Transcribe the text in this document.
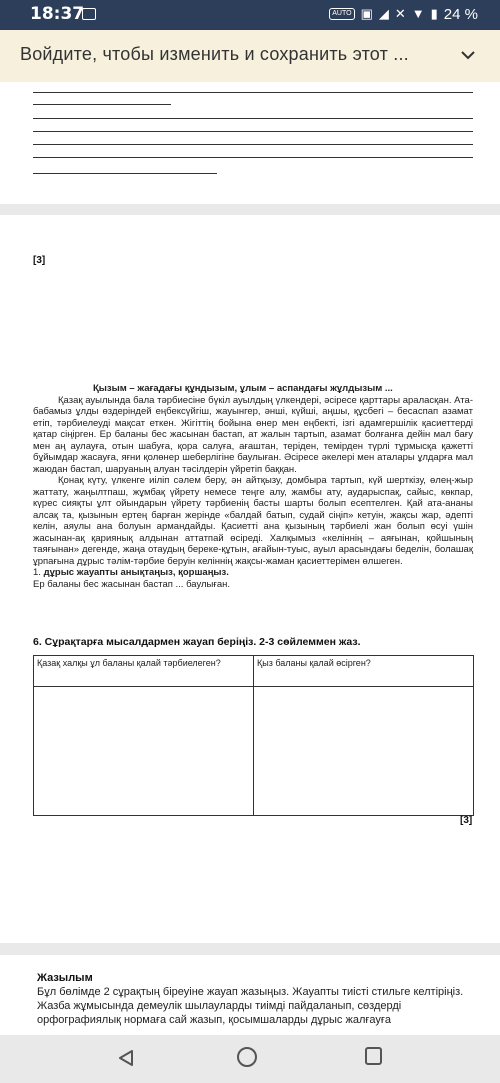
18:37	AUTO ▣ ◢ ✕ ▼ ▮ 24 %
Войдите, чтобы изменить и сохранить этот ...
[3]

Қызым – жағадағы құндызым, ұлым – аспандағы жұлдызым ...

Қазақ ауылында бала тәрбиесіне бүкіл ауылдың үлкендері, әсіресе қарттары араласқан. Ата-бабамыз ұлды өздеріндей еңбексүйгіш, жауынгер, әнші, күйші, аңшы, құсбегі – бесаспап азамат етіп, тәрбиелеуді мақсат еткен. Жігіттің бойына өнер мен еңбекті, ізгі адамгершілік қасиеттерді қатар сіңірген. Ер баланы бес жасынан бастап, ат жалын тартып, азамат болғанға дейін мал бағу мен аң аулауға, отын шабуға, қора салуға, ағаштан, теріден, темірден түрлі тұрмысқа қажетті бұйымдар жасауға, яғни қолөнер шеберлігіне баулыған. Әсіресе әкелері мен аталары ұлдарға мал жаюдан бастап, шаруаның алуан тәсілдерін үйретіп баққан.

Қонақ күту, үлкенге иіліп сәлем беру, ән айтқызу, домбыра тартып, күй шерткізу, өлең-жыр жаттату, жаңылтпаш, жұмбақ үйрету немесе теңге алу, жамбы ату, аударыспақ, сайыс, көкпар, күрес сияқты ұлт ойындарын үйрету тәрбиенің басты шарты болып есептелген. Қай ата-ананы алсақ та, қызынын ертең барған жерінде «балдай батып, судай сіңіп» кетуін, жақсы жар, әдепті келін, аяулы ана болуын армандайды. Қасиетті ана қызының тәрбиелі жан болып өсуі үшін жасынан-ақ қариянық алдынан аттатпай өсіреді. Халқымыз «келіннің – аяғынан, қойшының таяғынан» дегенде, жаңа отаудың береке-құтын, ағайын-туыс, ауыл арасындағы беделін, болашақ ұрпағына дұрыс тәлім-тәрбие беруін келіннің жақсы-жаман қасиеттерімен өлшеген.

1. дұрыс жауапты анықтаңыз, қоршаңыз.

Ер баланы бес жасынан бастап ... баулыған.

6. Сұрақтарға мысалдармен жауап беріңіз. 2-3 сөйлеммен жаз.
Қазақ халқы ұл баланы қалай тәрбиелеген?	Қыз баланы қалай өсірген?

[3]
Жазылым
Бұл бөлімде 2 сұрақтың біреуіне жауап жазыңыз. Жауапты тиісті стильге келтіріңіз. Жазба жұмысында демеулік шылауларды тиімді пайдаланып, сөздерді орфографиялық нормаға сай жазып, қосымшаларды дұрыс жалғауға
